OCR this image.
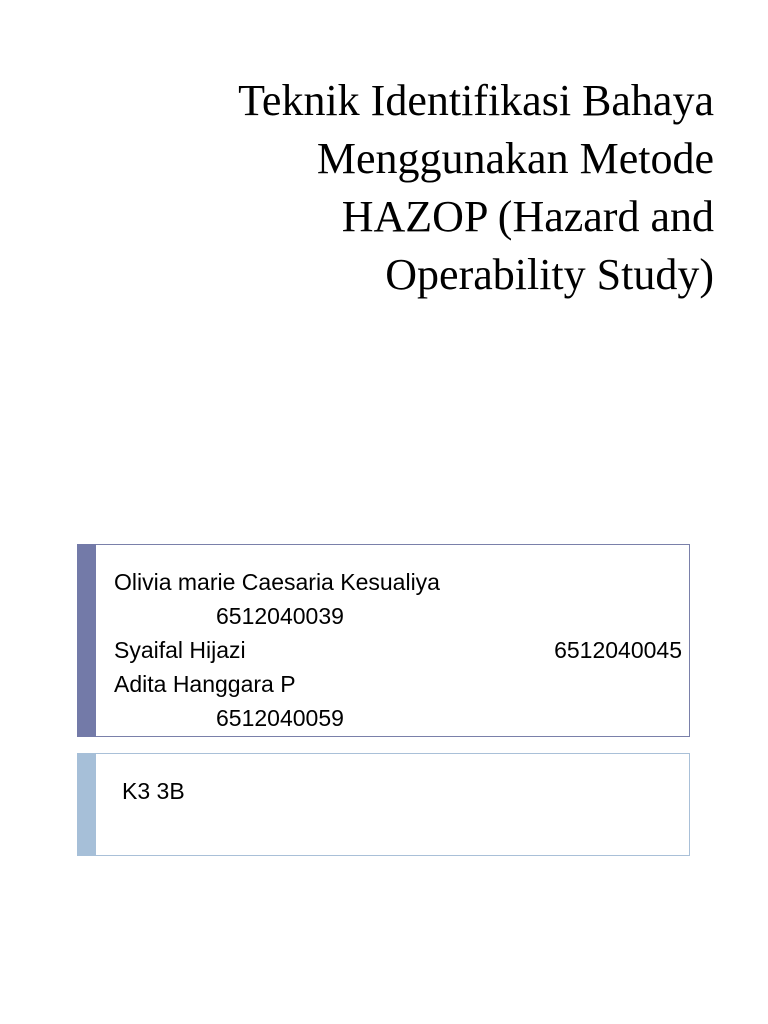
Teknik Identifikasi Bahaya
Menggunakan Metode
HAZOP (Hazard and
Operability Study)
Olivia marie Caesaria Kesualiya
6512040039
Syaifal Hijazi	6512040045
Adita Hanggara P
6512040059
K3 3B
